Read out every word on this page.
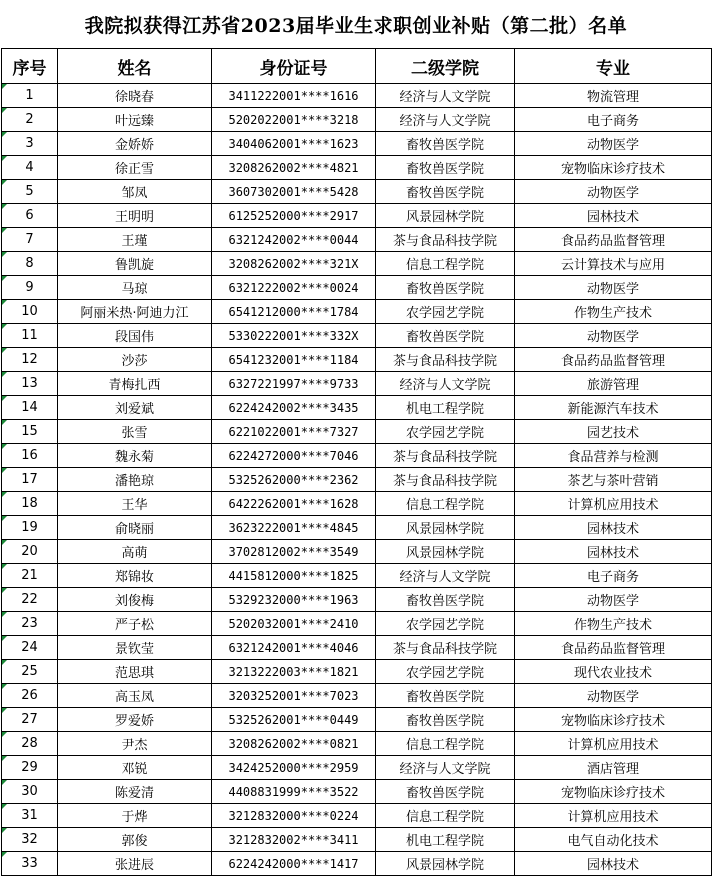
我院拟获得江苏省2023届毕业生求职创业补贴（第二批）名单
序号	姓名	身份证号	二级学院	专业
1	徐晓春	3411222001****1616	经济与人文学院	物流管理
2	叶远臻	5202022001****3218	经济与人文学院	电子商务
3	金娇娇	3404062001****1623	畜牧兽医学院	动物医学
4	徐正雪	3208262002****4821	畜牧兽医学院	宠物临床诊疗技术
5	邹凤	3607302001****5428	畜牧兽医学院	动物医学
6	王明明	6125252000****2917	风景园林学院	园林技术
7	王瑾	6321242002****0044	茶与食品科技学院	食品药品监督管理
8	鲁凯旋	3208262002****321X	信息工程学院	云计算技术与应用
9	马琼	6321222002****0024	畜牧兽医学院	动物医学
10	阿丽米热·阿迪力江	6541212000****1784	农学园艺学院	作物生产技术
11	段国伟	5330222001****332X	畜牧兽医学院	动物医学
12	沙莎	6541232001****1184	茶与食品科技学院	食品药品监督管理
13	青梅扎西	6327221997****9733	经济与人文学院	旅游管理
14	刘爱斌	6224242002****3435	机电工程学院	新能源汽车技术
15	张雪	6221022001****7327	农学园艺学院	园艺技术
16	魏永菊	6224272000****7046	茶与食品科技学院	食品营养与检测
17	潘艳琼	5325262000****2362	茶与食品科技学院	茶艺与茶叶营销
18	王华	6422262001****1628	信息工程学院	计算机应用技术
19	俞晓丽	3623222001****4845	风景园林学院	园林技术
20	高萌	3702812002****3549	风景园林学院	园林技术
21	郑锦妆	4415812000****1825	经济与人文学院	电子商务
22	刘俊梅	5329232000****1963	畜牧兽医学院	动物医学
23	严子松	5202032001****2410	农学园艺学院	作物生产技术
24	景钦莹	6321242001****4046	茶与食品科技学院	食品药品监督管理
25	范思琪	3213222003****1821	农学园艺学院	现代农业技术
26	高玉凤	3203252001****7023	畜牧兽医学院	动物医学
27	罗爱娇	5325262001****0449	畜牧兽医学院	宠物临床诊疗技术
28	尹杰	3208262002****0821	信息工程学院	计算机应用技术
29	邓锐	3424252000****2959	经济与人文学院	酒店管理
30	陈爱清	4408831999****3522	畜牧兽医学院	宠物临床诊疗技术
31	于烨	3212832000****0224	信息工程学院	计算机应用技术
32	郭俊	3212832002****3411	机电工程学院	电气自动化技术
33	张进辰	6224242000****1417	风景园林学院	园林技术
